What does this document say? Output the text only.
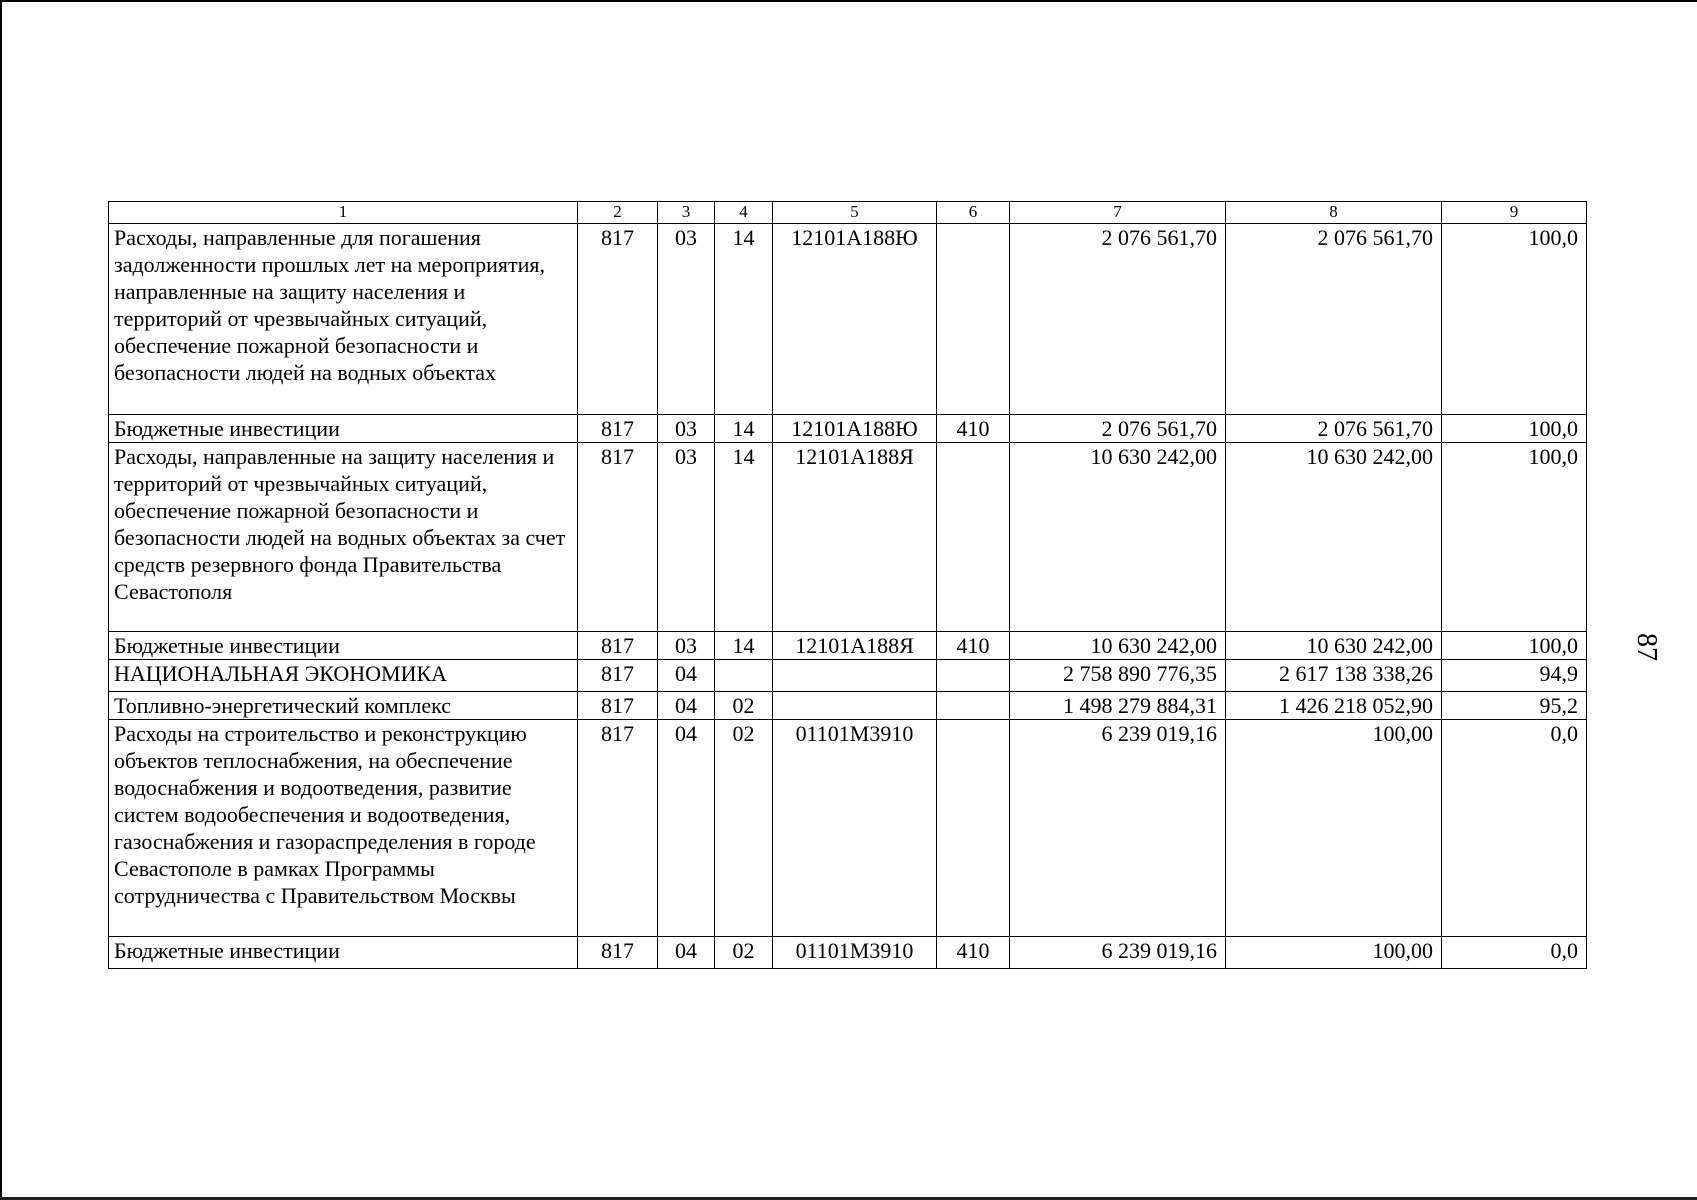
1	2	3	4	5	6	7	8	9
Расходы, направленные для погашения задолженности прошлых лет на мероприятия, направленные на защиту населения и территорий от чрезвычайных ситуаций, обеспечение пожарной безопасности и безопасности людей на водных объектах	817	03	14	12101А188Ю		2 076 561,70	2 076 561,70	100,0
Бюджетные инвестиции	817	03	14	12101А188Ю	410	2 076 561,70	2 076 561,70	100,0
Расходы, направленные на защиту населения и территорий от чрезвычайных ситуаций, обеспечение пожарной безопасности и безопасности людей на водных объектах за счет средств резервного фонда Правительства Севастополя	817	03	14	12101А188Я		10 630 242,00	10 630 242,00	100,0
Бюджетные инвестиции	817	03	14	12101А188Я	410	10 630 242,00	10 630 242,00	100,0
НАЦИОНАЛЬНАЯ ЭКОНОМИКА	817	04				2 758 890 776,35	2 617 138 338,26	94,9
Топливно-энергетический комплекс	817	04	02			1 498 279 884,31	1 426 218 052,90	95,2
Расходы на строительство и реконструкцию объектов теплоснабжения, на обеспечение водоснабжения и водоотведения, развитие систем водообеспечения и водоотведения, газоснабжения и газораспределения в городе Севастополе в рамках Программы сотрудничества с Правительством Москвы	817	04	02	01101М3910		6 239 019,16	100,00	0,0
Бюджетные инвестиции	817	04	02	01101М3910	410	6 239 019,16	100,00	0,0
87
